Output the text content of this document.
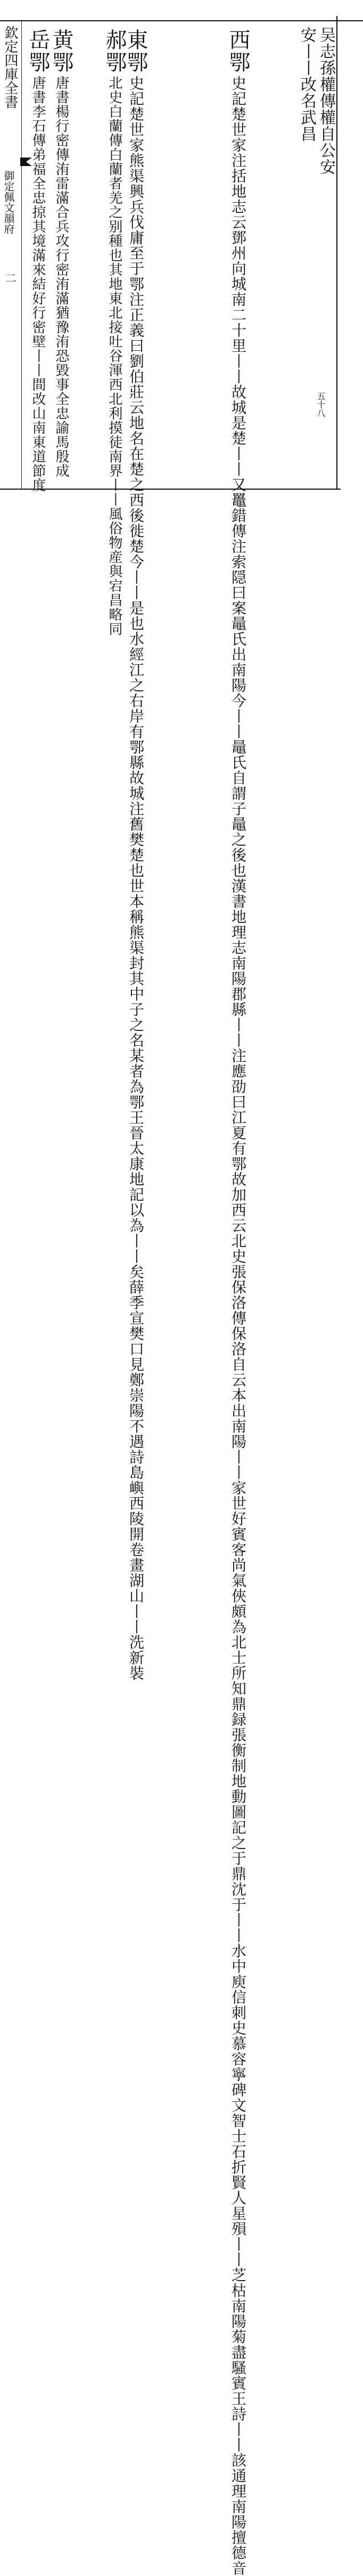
欽定四庫全書
御定佩文韻府
二
吴志孫權傳權自公安
安丨丨改名武昌
西鄂史記楚世家注括地志云鄧州向城南二十里丨丨故城是楚丨丨又鼉錯傳注索隠曰案鼂氏出南陽今丨丨鼂氏自謂子鼂之後也漢書地理志南陽郡縣丨丨注應劭曰江夏有鄂故加西云北史張保洛傳保洛自云本出南陽丨丨家世好賓客尚氣俠頗為北士所知鼎録張衡制地動圖記之于鼎沈于丨丨水中庾信刺史慕容寧碑文智士石折賢人星殞丨丨芝枯南陽菊盡騷賓王詩丨丨該通理南陽擅德音
東鄂史記楚世家熊渠興兵伐庸至于鄂注正義曰劉伯莊云地名在楚之西後徙楚今丨丨是也水經江之右岸有鄂縣故城注舊樊楚也世本稱熊渠封其中子之名某者為鄂王晉太康地記以為丨丨矣薛季宣樊口見鄭崇陽不遇詩島嶼西陵開卷畫湖山丨丨洗新裝
郝鄂北史白蘭傳白蘭者羌之别種也其地東北接吐谷渾西北利摸徒南界丨丨風俗物産與宕昌略同
黄鄂唐書楊行密傳洧雷滿合兵攻行密洧滿猶豫洧恐毀事全忠諭馬殷成
岳鄂唐書李石傳弟福全忠掠其境滿來結好行密壁丨丨間改山南東道節度	五十八
